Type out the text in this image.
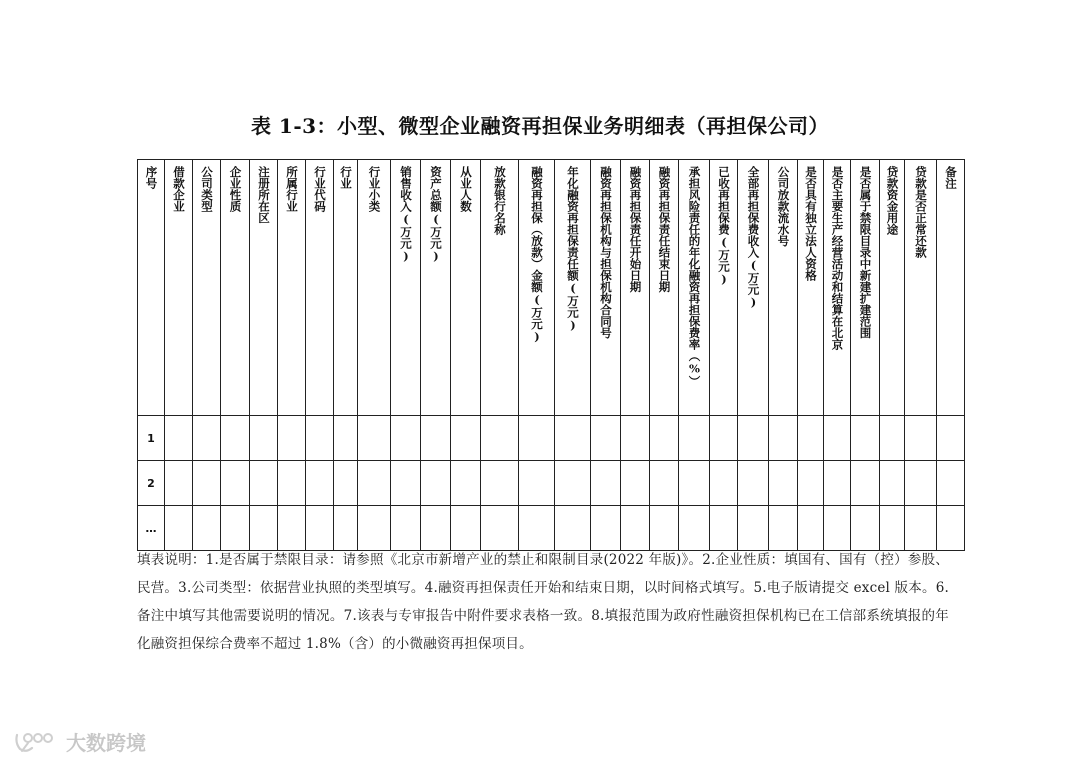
表 1-3：小型、微型企业融资再担保业务明细表（再担保公司）
序号	借款企业	公司类型	企业性质	注册所在区	所属行业	行业代码	行业	行业小类	销售收入(万元)	资产总额(万元)	从业人数	放款银行名称	融资再担保（放款）金额(万元)	年化融资再担保责任额(万元)	融资再担保机构与担保机构合同号	融资再担保责任开始日期	融资再担保责任结束日期	承担风险责任的年化融资再担保费率（%）	已收再担保费(万元)	全部再担保费收入(万元)	公司放款流水号	是否具有独立法人资格	是否主要生产经营活动和结算在北京	是否属于禁限目录中新建扩建范围	贷款资金用途	贷款是否正常还款	备注

1																											
2																											
…																											
填表说明：1.是否属于禁限目录：请参照《北京市新增产业的禁止和限制目录(2022 年版)》。2.企业性质：填国有、国有（控）参股、民营。3.公司类型：依据营业执照的类型填写。4.融资再担保责任开始和结束日期，以时间格式填写。5.电子版请提交 excel 版本。6.备注中填写其他需要说明的情况。7.该表与专审报告中附件要求表格一致。8.填报范围为政府性融资担保机构已在工信部系统填报的年化融资担保综合费率不超过 1.8%（含）的小微融资再担保项目。
大数跨境
